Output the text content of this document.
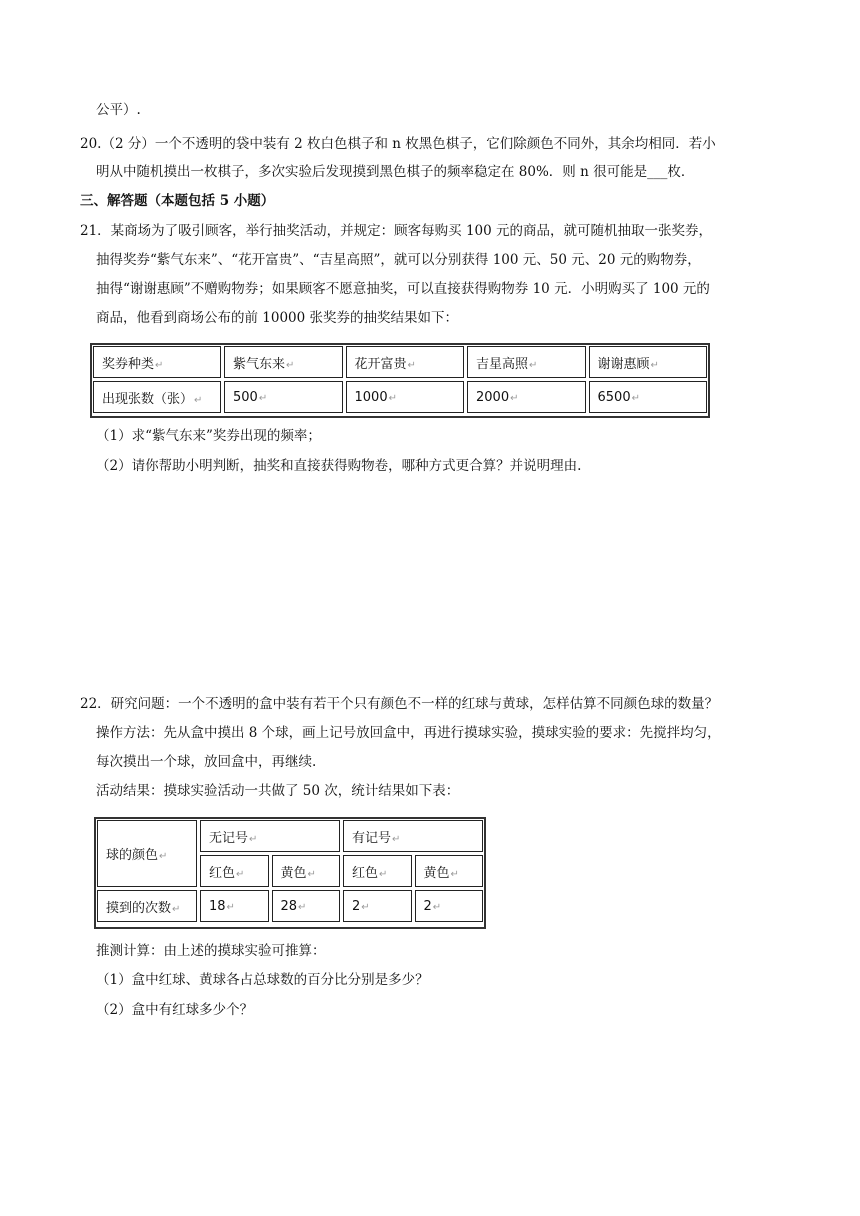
公平）.
20.（2 分）一个不透明的袋中装有 2 枚白色棋子和 n 枚黑色棋子，它们除颜色不同外，其余均相同．若小
明从中随机摸出一枚棋子，多次实验后发现摸到黑色棋子的频率稳定在 80%．则 n 很可能是___枚．
三、解答题（本题包括 5 小题）
21．某商场为了吸引顾客，举行抽奖活动，并规定：顾客每购买 100 元的商品，就可随机抽取一张奖券，
抽得奖券“紫气东来”、“花开富贵”、“吉星高照”，就可以分别获得 100 元、50 元、20 元的购物券，
抽得“谢谢惠顾”不赠购物券；如果顾客不愿意抽奖，可以直接获得购物券 10 元．小明购买了 100 元的
商品，他看到商场公布的前 10000 张奖券的抽奖结果如下：
奖券种类↵	紫气东来↵	花开富贵↵	吉星高照↵	谢谢惠顾↵
出现张数（张）↵	500↵	1000↵	2000↵	6500↵
（1）求“紫气东来”奖券出现的频率；
（2）请你帮助小明判断，抽奖和直接获得购物卷，哪种方式更合算？并说明理由.
22．研究问题：一个不透明的盒中装有若干个只有颜色不一样的红球与黄球，怎样估算不同颜色球的数量？
操作方法：先从盒中摸出 8 个球，画上记号放回盒中，再进行摸球实验，摸球实验的要求：先搅拌均匀，
每次摸出一个球，放回盒中，再继续.
活动结果：摸球实验活动一共做了 50 次，统计结果如下表：
球的颜色↵	无记号↵		有记号↵	
	红色↵	黄色↵	红色↵	黄色↵
摸到的次数↵	18↵	28↵	2↵	2↵
推测计算：由上述的摸球实验可推算：
（1）盒中红球、黄球各占总球数的百分比分别是多少？
（2）盒中有红球多少个？
